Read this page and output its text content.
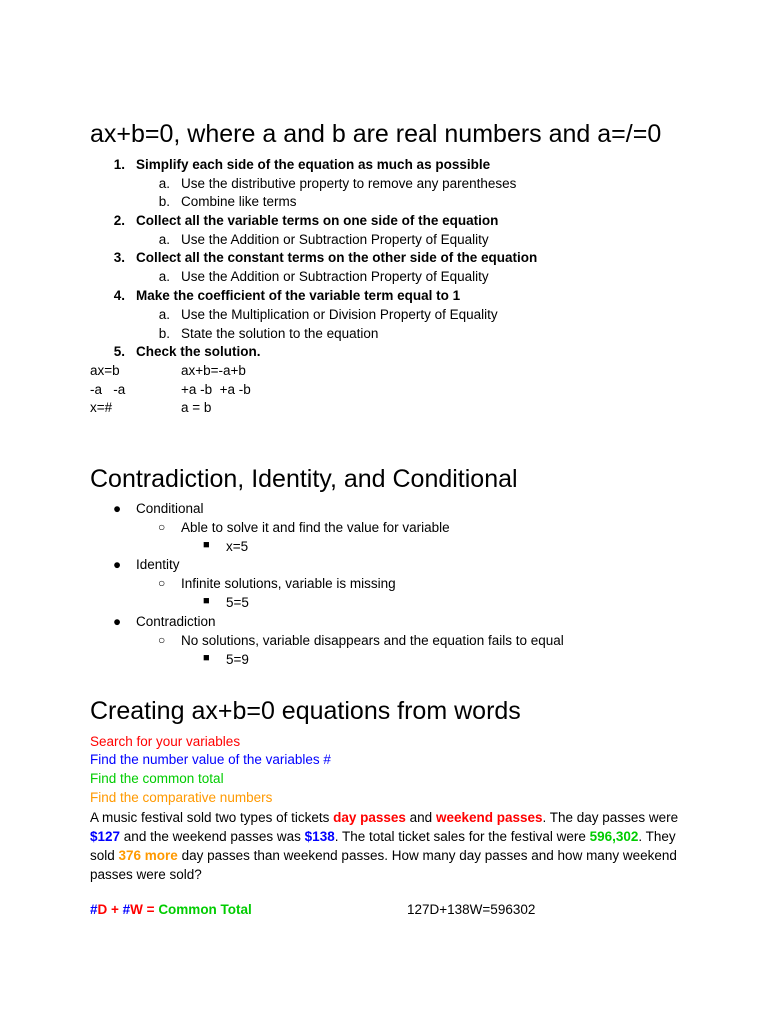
ax+b=0, where a and b are real numbers and a=/=0
1. Simplify each side of the equation as much as possible
a. Use the distributive property to remove any parentheses
b. Combine like terms
2. Collect all the variable terms on one side of the equation
a. Use the Addition or Subtraction Property of Equality
3. Collect all the constant terms on the other side of the equation
a. Use the Addition or Subtraction Property of Equality
4. Make the coefficient of the variable term equal to 1
a. Use the Multiplication or Division Property of Equality
b. State the solution to the equation
5. Check the solution.
ax=b
-a   -a
x=#
ax+b=-a+b
+a -b  +a -b
a = b
Contradiction, Identity, and Conditional
● Conditional
○ Able to solve it and find the value for variable
■ x=5
● Identity
○ Infinite solutions, variable is missing
■ 5=5
● Contradiction
○ No solutions, variable disappears and the equation fails to equal
■ 5=9
Creating ax+b=0 equations from words
Search for your variables
Find the number value of the variables #
Find the common total
Find the comparative numbers
A music festival sold two types of tickets day passes and weekend passes. The day passes were $127 and the weekend passes was $138. The total ticket sales for the festival were 596,302. They sold 376 more day passes than weekend passes. How many day passes and how many weekend passes were sold?
#D + #W = Common Total	127D+138W=596302
